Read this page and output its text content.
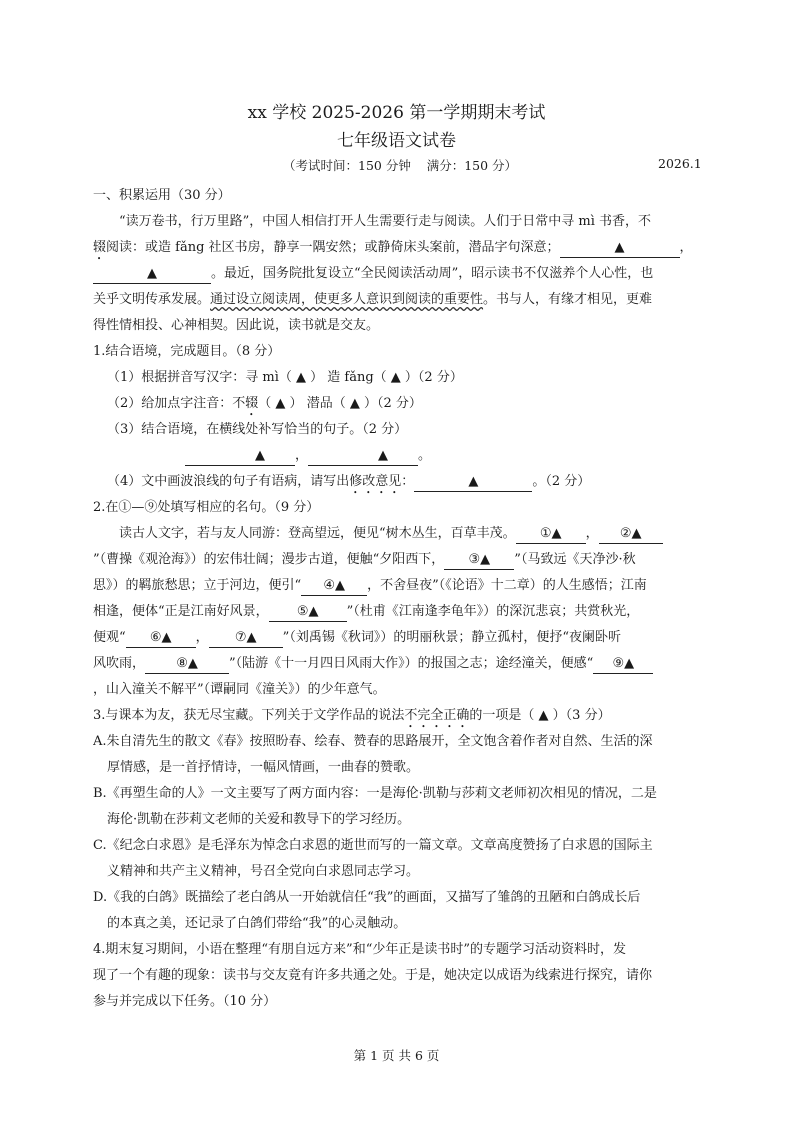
xx 学校 2025-2026 第一学期期末考试
七年级语文试卷
（考试时间：150 分钟    满分：150 分）	2026.1
一、积累运用（30 分）
“读万卷书，行万里路”，中国人相信打开人生需要行走与阅读。人们于日常中寻 mì 书香，不
辍阅读：或造 fǎng 社区书房，静享一隅安然；或静倚床头案前，潜品字句深意；	▲	，
▲	。最近，国务院批复设立“全民阅读活动周”，昭示读书不仅滋养个人心性，也
关乎文明传承发展。通过设立阅读周，使更多人意识到阅读的重要性。书与人，有缘才相见，更难
得性情相投、心神相契。因此说，读书就是交友。
1.结合语境，完成题目。（8 分）
（1）根据拼音写汉字：寻 mì（ ▲ ） 造 fǎng（ ▲ ）（2 分）
（2）给加点字注音：不辍（ ▲ ） 潜品（ ▲ ）（2 分）
（3）结合语境，在横线处补写恰当的句子。（2 分）
▲ ，	▲ 。
（4）文中画波浪线的句子有语病，请写出修改意见：	▲	。（2 分）
2.在①—⑨处填写相应的名句。（9 分）
读古人文字，若与友人同游：登高望远，便见“树木丛生，百草丰茂。 ①▲ ， ②▲
”（曹操《观沧海》）的宏伟壮阔；漫步古道，便触“夕阳西下， ③▲ ”（马致远《天净沙·秋
思》）的羁旅愁思；立于河边，便引“ ④▲ ，不舍昼夜”（《论语》十二章）的人生感悟；江南
相逢，便体“正是江南好风景， ⑤▲ ”（杜甫《江南逢李龟年》）的深沉悲哀；共赏秋光，
便观“ ⑥▲ ， ⑦▲ ”（刘禹锡《秋词》）的明丽秋景；静立孤村，便抒“夜阑卧听
风吹雨， ⑧▲ ”（陆游《十一月四日风雨大作》）的报国之志；途经潼关，便感“ ⑨▲
，山入潼关不解平”（谭嗣同《潼关》）的少年意气。
3.与课本为友，获无尽宝藏。下列关于文学作品的说法不完全正确的一项是（ ▲ ）（3 分）
A.朱自清先生的散文《春》按照盼春、绘春、赞春的思路展开，全文饱含着作者对自然、生活的深
厚情感，是一首抒情诗，一幅风情画，一曲春的赞歌。
B.《再塑生命的人》一文主要写了两方面内容：一是海伦·凯勒与莎莉文老师初次相见的情况，二是
海伦·凯勒在莎莉文老师的关爱和教导下的学习经历。
C.《纪念白求恩》是毛泽东为悼念白求恩的逝世而写的一篇文章。文章高度赞扬了白求恩的国际主
义精神和共产主义精神，号召全党向白求恩同志学习。
D.《我的白鸽》既描绘了老白鸽从一开始就信任“我”的画面，又描写了雏鸽的丑陋和白鸽成长后
的本真之美，还记录了白鸽们带给“我”的心灵触动。
4.期末复习期间，小语在整理“有朋自远方来”和“少年正是读书时”的专题学习活动资料时，发
现了一个有趣的现象：读书与交友竟有许多共通之处。于是，她决定以成语为线索进行探究，请你
参与并完成以下任务。（10 分）
第 1 页 共 6 页
